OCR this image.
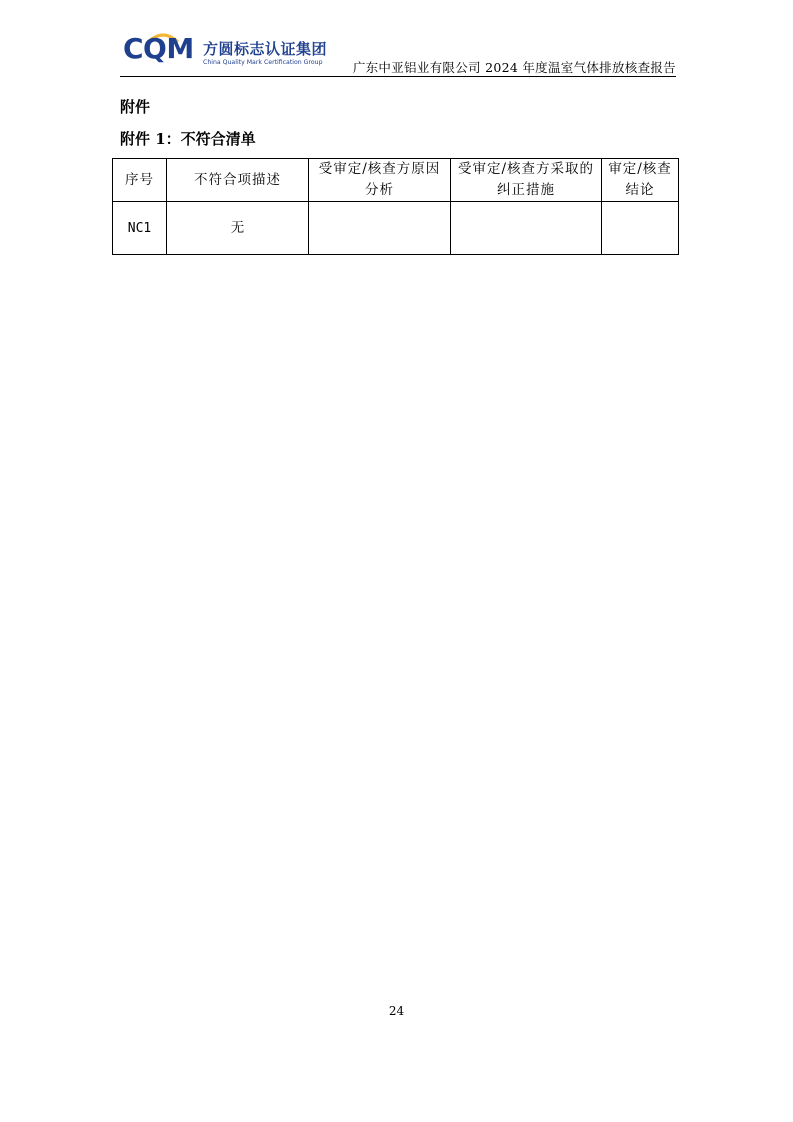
CQM 方圆标志认证集团
China Quality Mark Certification Group 广东中亚铝业有限公司 2024 年度温室气体排放核查报告
附件
附件 1：不符合清单
序号	不符合项描述	受审定/核查方原因分析	受审定/核查方采取的纠正措施	审定/核查结论
NC1	无			
24
